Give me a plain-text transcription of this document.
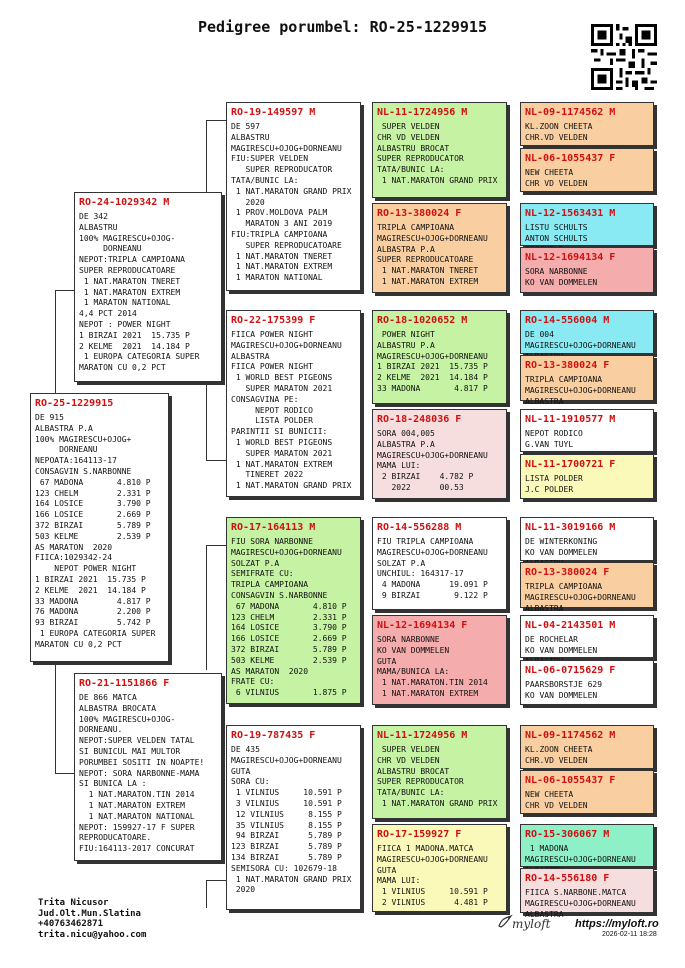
Pedigree porumbel: RO-25-1229915
RO-25-1229915
DE 915
ALBASTRA P.A
100% MAGIRESCU+OJOG+
DORNEANU
NEPOATA:164113-17
CONSAGVIN S.NARBONNE
67 MADONA       4.810 P
123 CHELM        2.331 P
164 LOSICE       3.790 P
166 LOSICE       2.669 P
372 BIRZAI       5.789 P
503 KELME        2.539 P
AS MARATON  2020
FIICA:1029342-24
NEPOT POWER NIGHT
1 BIRZAI 2021  15.735 P
2 KELME  2021  14.184 P
33 MADONA        4.817 P
76 MADONA        2.200 P
93 BIRZAI        5.742 P
1 EUROPA CATEGORIA SUPER
MARATON CU 0,2 PCT
RO-24-1029342 M
DE 342
ALBASTRU
100% MAGIRESCU+OJOG-
DORNEANU
NEPOT:TRIPLA CAMPIOANA
SUPER REPRODUCATOARE
1 NAT.MARATON TNERET
1 NAT.MARATON EXTREM
1 MARATON NATIONAL
4,4 PCT 2014
NEPOT : POWER NIGHT
1 BIRZAI 2021  15.735 P
2 KELME  2021  14.184 P
1 EUROPA CATEGORIA SUPER
MARATON CU 0,2 PCT
RO-21-1151866 F
DE 866 MATCA
ALBASTRA BROCATA
100% MAGIRESCU+OJOG-
DORNEANU.
NEPOT:SUPER VELDEN TATAL
SI BUNICUL MAI MULTOR
PORUMBEI SOSITI IN NOAPTE!
NEPOT: SORA NARBONNE-MAMA
SI BUNICA LA :
1 NAT.MARATON.TIN 2014
1 NAT.MARATON EXTREM
1 NAT.MARATON NATIONAL
NEPOT: 159927-17 F SUPER
REPRODUCATOARE.
FIU:164113-2017 CONCURAT
RO-19-149597 M
DE 597
ALBASTRU
MAGIRESCU+OJOG+DORNEANU
FIU:SUPER VELDEN
SUPER REPRODUCATOR
TATA/BUNIC LA:
1 NAT.MARATON GRAND PRIX
2020
1 PROV.MOLDOVA PALM
MARATON 3 ANI 2019
FIU:TRIPLA CAMPIOANA
SUPER REPRODUCATOARE
1 NAT.MARATON TNERET
1 NAT.MARATON EXTREM
1 MARATON NATIONAL
RO-22-175399 F
FIICA POWER NIGHT
MAGIRESCU+OJOG+DORNEANU
ALBASTRA
FIICA POWER NIGHT
1 WORLD BEST PIGEONS
SUPER MARATON 2021
CONSAGVINA PE:
NEPOT RODICO
LISTA POLDER
PARINTII SI BUNICII:
1 WORLD BEST PIGEONS
SUPER MARATON 2021
1 NAT.MARATON EXTREM
TINERET 2022
1 NAT.MARATON GRAND PRIX
RO-17-164113 M
FIU SORA NARBONNE
MAGIRESCU+OJOG+DORNEANU
SOLZAT P.A
SEMIFRATE CU:
TRIPLA CAMPIOANA
CONSAGVIN S.NARBONNE
67 MADONA       4.810 P
123 CHELM        2.331 P
164 LOSICE       3.790 P
166 LOSICE       2.669 P
372 BIRZAI       5.789 P
503 KELME        2.539 P
AS MARATON  2020
FRATE CU:
6 VILNIUS       1.875 P
RO-19-787435 F
DE 435
MAGIRESCU+OJOG+DORNEANU
GUTA
SORA CU:
1 VILNIUS     10.591 P
3 VILNIUS     10.591 P
12 VILNIUS     8.155 P
35 VILNIUS     8.155 P
94 BIRZAI      5.789 P
123 BIRZAI      5.789 P
134 BIRZAI      5.789 P
SEMISORA CU: 102679-18
1 NAT.MARATON GRAND PRIX
2020
NL-11-1724956 M
SUPER VELDEN
CHR VD VELDEN
ALBASTRU BROCAT
SUPER REPRODUCATOR
TATA/BUNIC LA:
1 NAT.MARATON GRAND PRIX
RO-13-380024 F
TRIPLA CAMPIOANA
MAGIRESCU+OJOG+DORNEANU
ALBASTRA P.A
SUPER REPRODUCATOARE
1 NAT.MARATON TNERET
1 NAT.MARATON EXTREM
RO-18-1020652 M
POWER NIGHT
ALBASTRU P.A
MAGIRESCU+OJOG+DORNEANU
1 BIRZAI 2021  15.735 P
2 KELME  2021  14.184 P
33 MADONA       4.817 P
RO-18-248036 F
SORA 004,005
ALBASTRA P.A
MAGIRESCU+OJOG+DORNEANU
MAMA LUI:
2 BIRZAI    4.782 P
2022      00.53
RO-14-556288 M
FIU TRIPLA CAMPIOANA
MAGIRESCU+OJOG+DORNEANU
SOLZAT P.A
UNCHIUL: 164317-17
4 MADONA      19.091 P
9 BIRZAI       9.122 P
NL-12-1694134 F
SORA NARBONNE
KO VAN DOMMELEN
GUTA
MAMA/BUNICA LA:
1 NAT.MARATON.TIN 2014
1 NAT.MARATON EXTREM
NL-11-1724956 M
SUPER VELDEN
CHR VD VELDEN
ALBASTRU BROCAT
SUPER REPRODUCATOR
TATA/BUNIC LA:
1 NAT.MARATON GRAND PRIX
RO-17-159927 F
FIICA 1 MADONA.MATCA
MAGIRESCU+OJOG+DORNEANU
GUTA
MAMA LUI:
1 VILNIUS     10.591 P
2 VILNIUS      4.481 P
NL-09-1174562 M
KL.ZOON CHEETA
CHR.VD VELDEN
NL-06-1055437 F
NEW CHEETA
CHR VD VELDEN
NL-12-1563431 M
LISTU SCHULTS
ANTON SCHULTS

NL-12-1694134 F
SORA NARBONNE
KO VAN DOMMELEN
RO-14-556004 M
DE 004
MAGIRESCU+OJOG+DORNEANU

RO-13-380024 F
TRIPLA CAMPIOANA
MAGIRESCU+OJOG+DORNEANU
ALBASTRA
NL-11-1910577 M
NEPOT RODICO
G.VAN TUYL
NL-11-1700721 F
LISTA POLDER
J.C POLDER
NL-11-3019166 M
DE WINTERKONING
KO VAN DOMMELEN

RO-13-380024 F
TRIPLA CAMPIOANA
MAGIRESCU+OJOG+DORNEANU
ALBASTRA
NL-04-2143501 M
DE ROCHELAR
KO VAN DOMMELEN

NL-06-0715629 F
PAARSBORSTJE 629
KO VAN DOMMELEN
NL-09-1174562 M
KL.ZOON CHEETA
CHR.VD VELDEN
NL-06-1055437 F
NEW CHEETA
CHR VD VELDEN
RO-15-306067 M
1 MADONA
MAGIRESCU+OJOG+DORNEANU

RO-14-556180 F
FIICA S.NARBONE.MATCA
MAGIRESCU+OJOG+DORNEANU
ALBASTRA
Trita Nicusor
Jud.Olt.Mun.Slatina
+40763462871
trita.nicu@yahoo.com
myloft https://myloft.ro
2026-02-11 18:28
